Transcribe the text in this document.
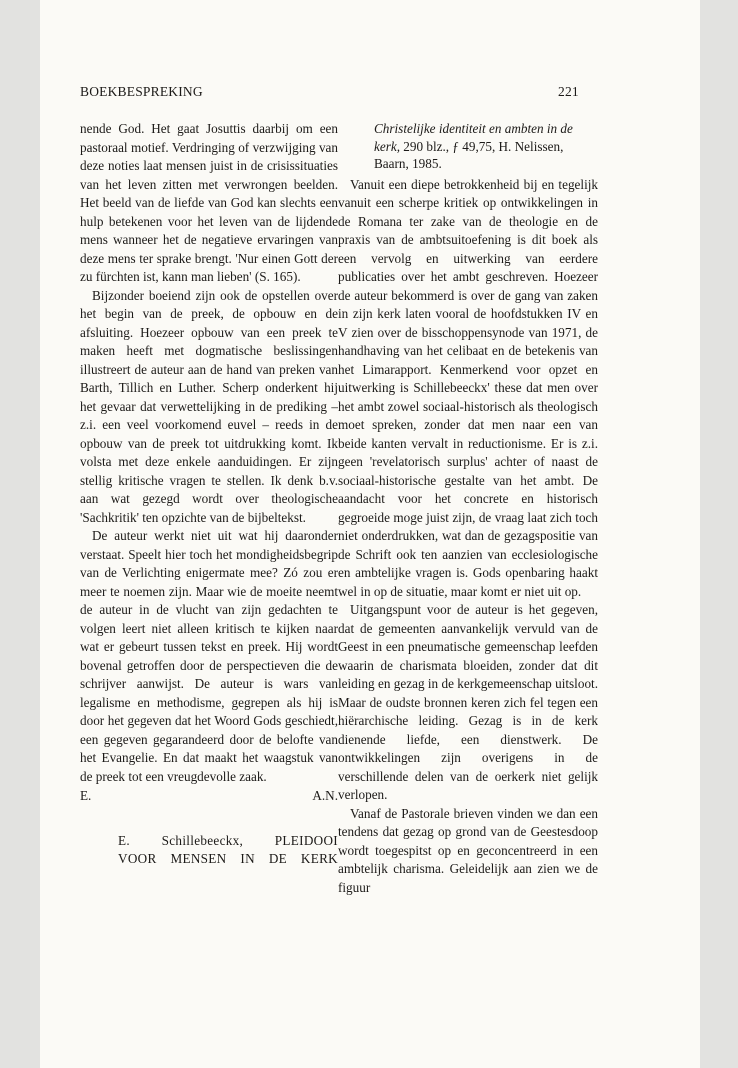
BOEKBESPREKING	221

nende God. Het gaat Josuttis daarbij om een pastoraal motief. Verdringing of verzwijging van deze noties laat mensen juist in de crisissituaties van het leven zitten met verwrongen beelden. Het beeld van de liefde van God kan slechts een hulp betekenen voor het leven van de lijdende mens wanneer het de negatieve ervaringen van deze mens ter sprake brengt. 'Nur einen Gott der zu fürchten ist, kann man lieben' (S. 165).

Bijzonder boeiend zijn ook de opstellen over het begin van de preek, de opbouw en de afsluiting. Hoezeer opbouw van een preek te maken heeft met dogmatische beslissingen illustreert de auteur aan de hand van preken van Barth, Tillich en Luther. Scherp onderkent hij het gevaar dat verwettelijking in de prediking – z.i. een veel voorkomend euvel – reeds in de opbouw van de preek tot uitdrukking komt. Ik volsta met deze enkele aanduidingen. Er zijn stellig kritische vragen te stellen. Ik denk b.v. aan wat gezegd wordt over theologische 'Sachkritik' ten opzichte van de bijbeltekst.

De auteur werkt niet uit wat hij daaronder verstaat. Speelt hier toch het mondigheidsbegrip van de Verlichting enigermate mee? Zó zou er meer te noemen zijn. Maar wie de moeite neemt de auteur in de vlucht van zijn gedachten te volgen leert niet alleen kritisch te kijken naar wat er gebeurt tussen tekst en preek. Hij wordt bovenal getroffen door de perspectieven die de schrijver aanwijst. De auteur is wars van legalisme en methodisme, gegrepen als hij is door het gegeven dat het Woord Gods geschiedt, een gegeven gegarandeerd door de belofte van het Evangelie. En dat maakt het waagstuk van de preek tot een vreugdevolle zaak.

E.	A.N.
E. Schillebeeckx, PLEIDOOI
VOOR MENSEN IN DE KERK
Christelijke identiteit en ambten in de kerk, 290 blz., ƒ 49,75, H. Nelissen, Baarn, 1985.

Vanuit een diepe betrokkenheid bij en tegelijk vanuit een scherpe kritiek op ontwikkelingen in de Romana ter zake van de theologie en de praxis van de ambtsuitoefening is dit boek als een vervolg en uitwerking van eerdere publicaties over het ambt geschreven. Hoezeer de auteur bekommerd is over de gang van zaken in zijn kerk laten vooral de hoofdstukken IV en V zien over de bisschoppensynode van 1971, de handhaving van het celibaat en de betekenis van het Limarapport. Kenmerkend voor opzet en uitwerking is Schillebeeckx' these dat men over het ambt zowel sociaal-historisch als theologisch moet spreken, zonder dat men naar een van beide kanten vervalt in reductionisme. Er is z.i. geen 'revelatorisch surplus' achter of naast de sociaal-historische gestalte van het ambt. De aandacht voor het concrete en historisch gegroeide moge juist zijn, de vraag laat zich toch niet onderdrukken, wat dan de gezagspositie van de Schrift ook ten aanzien van ecclesiologische en ambtelijke vragen is. Gods openbaring haakt wel in op de situatie, maar komt er niet uit op.

Uitgangspunt voor de auteur is het gegeven, dat de gemeenten aanvankelijk vervuld van de Geest in een pneumatische gemeenschap leefden waarin de charismata bloeiden, zonder dat dit leiding en gezag in de kerkgemeenschap uitsloot. Maar de oudste bronnen keren zich fel tegen een hiërarchische leiding. Gezag is in de kerk dienende liefde, een dienstwerk. De ontwikkelingen zijn overigens in de verschillende delen van de oerkerk niet gelijk verlopen.

Vanaf de Pastorale brieven vinden we dan een tendens dat gezag op grond van de Geestesdoop wordt toegespitst op en geconcentreerd in een ambtelijk charisma. Geleidelijk aan zien we de figuur
